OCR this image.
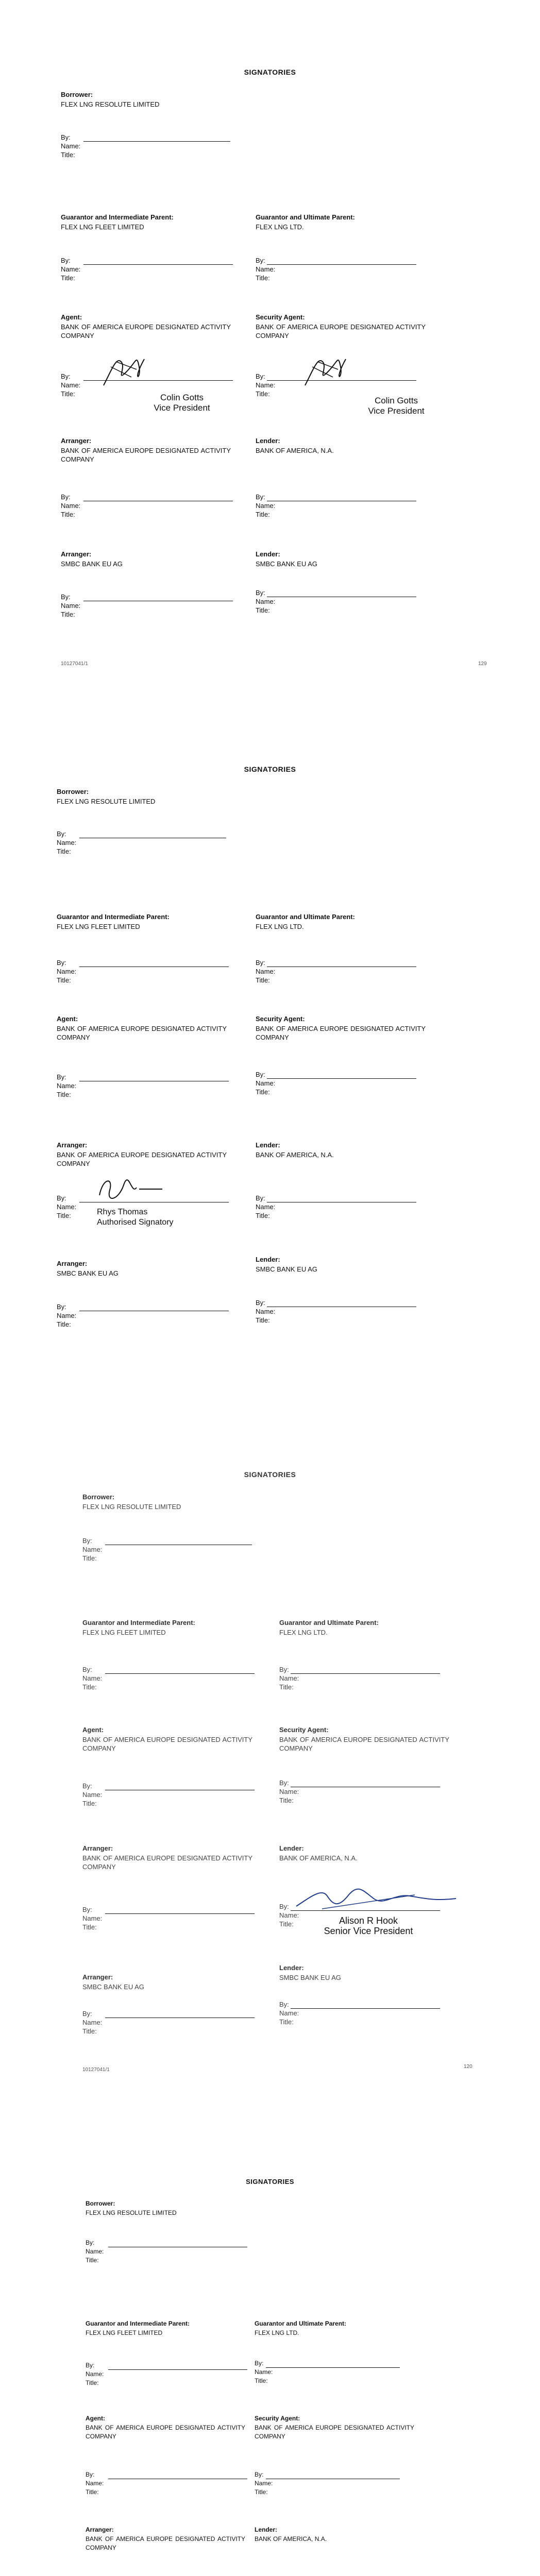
SIGNATORIES
Borrower:
FLEX LNG RESOLUTE LIMITED
By:
Name:
Title:
Guarantor and Intermediate Parent:
FLEX LNG FLEET LIMITED
Guarantor and Ultimate Parent:
FLEX LNG LTD.
By:
Name:
Title:
By:
Name:
Title:
Agent:
BANK OF AMERICA EUROPE DESIGNATED ACTIVITY COMPANY
Security Agent:
BANK OF AMERICA EUROPE DESIGNATED ACTIVITY COMPANY
By:
Name:
Title:
By:
Name:
Title:
Colin Gotts
Vice President
Colin Gotts
Vice President
Arranger:
BANK OF AMERICA EUROPE DESIGNATED ACTIVITY COMPANY
Lender:
BANK OF AMERICA, N.A.
By:
Name:
Title:
By:
Name:
Title:
Arranger:
SMBC BANK EU AG
Lender:
SMBC BANK EU AG
By:
Name:
Title:
By:
Name:
Title:
10127041/1	129
SIGNATORIES
Borrower:
FLEX LNG RESOLUTE LIMITED
By:
Name:
Title:
Guarantor and Intermediate Parent:
FLEX LNG FLEET LIMITED
Guarantor and Ultimate Parent:
FLEX LNG LTD.
By:
Name:
Title:
By:
Name:
Title:
Agent:
BANK OF AMERICA EUROPE DESIGNATED ACTIVITY COMPANY
Security Agent:
BANK OF AMERICA EUROPE DESIGNATED ACTIVITY COMPANY
By:
Name:
Title:
By:
Name:
Title:
Arranger:
BANK OF AMERICA EUROPE DESIGNATED ACTIVITY COMPANY
Lender:
BANK OF AMERICA, N.A.
By:
Name:
Title:	Rhys Thomas
Authorised Signatory
By:
Name:
Title:
Arranger:
SMBC BANK EU AG
Lender:
SMBC BANK EU AG
By:
Name:
Title:
By:
Name:
Title:
SIGNATORIES
Borrower:
FLEX LNG RESOLUTE LIMITED
By:
Name:
Title:
Guarantor and Intermediate Parent:
FLEX LNG FLEET LIMITED
Guarantor and Ultimate Parent:
FLEX LNG LTD.
By:
Name:
Title:
By:
Name:
Title:
Agent:
BANK OF AMERICA EUROPE DESIGNATED ACTIVITY COMPANY
Security Agent:
BANK OF AMERICA EUROPE DESIGNATED ACTIVITY COMPANY
By:
Name:
Title:
By:
Name:
Title:
Arranger:
BANK OF AMERICA EUROPE DESIGNATED ACTIVITY COMPANY
Lender:
BANK OF AMERICA, N.A.
By:
Name:
Title:
By:
Name:
Title:	Alison R Hook
Senior Vice President
Arranger:
SMBC BANK EU AG
Lender:
SMBC BANK EU AG
By:
Name:
Title:
By:
Name:
Title:
10127041/1
120
SIGNATORIES
Borrower:
FLEX LNG RESOLUTE LIMITED
By:
Name:
Title:
Guarantor and Intermediate Parent:
FLEX LNG FLEET LIMITED
Guarantor and Ultimate Parent:
FLEX LNG LTD.
By:
Name:
Title:
By:
Name:
Title:
Agent:
BANK OF AMERICA EUROPE DESIGNATED ACTIVITY COMPANY
Security Agent:
BANK OF AMERICA EUROPE DESIGNATED ACTIVITY COMPANY
By:
Name:
Title:
By:
Name:
Title:
Arranger:
BANK OF AMERICA EUROPE DESIGNATED ACTIVITY COMPANY
Lender:
BANK OF AMERICA, N.A.
